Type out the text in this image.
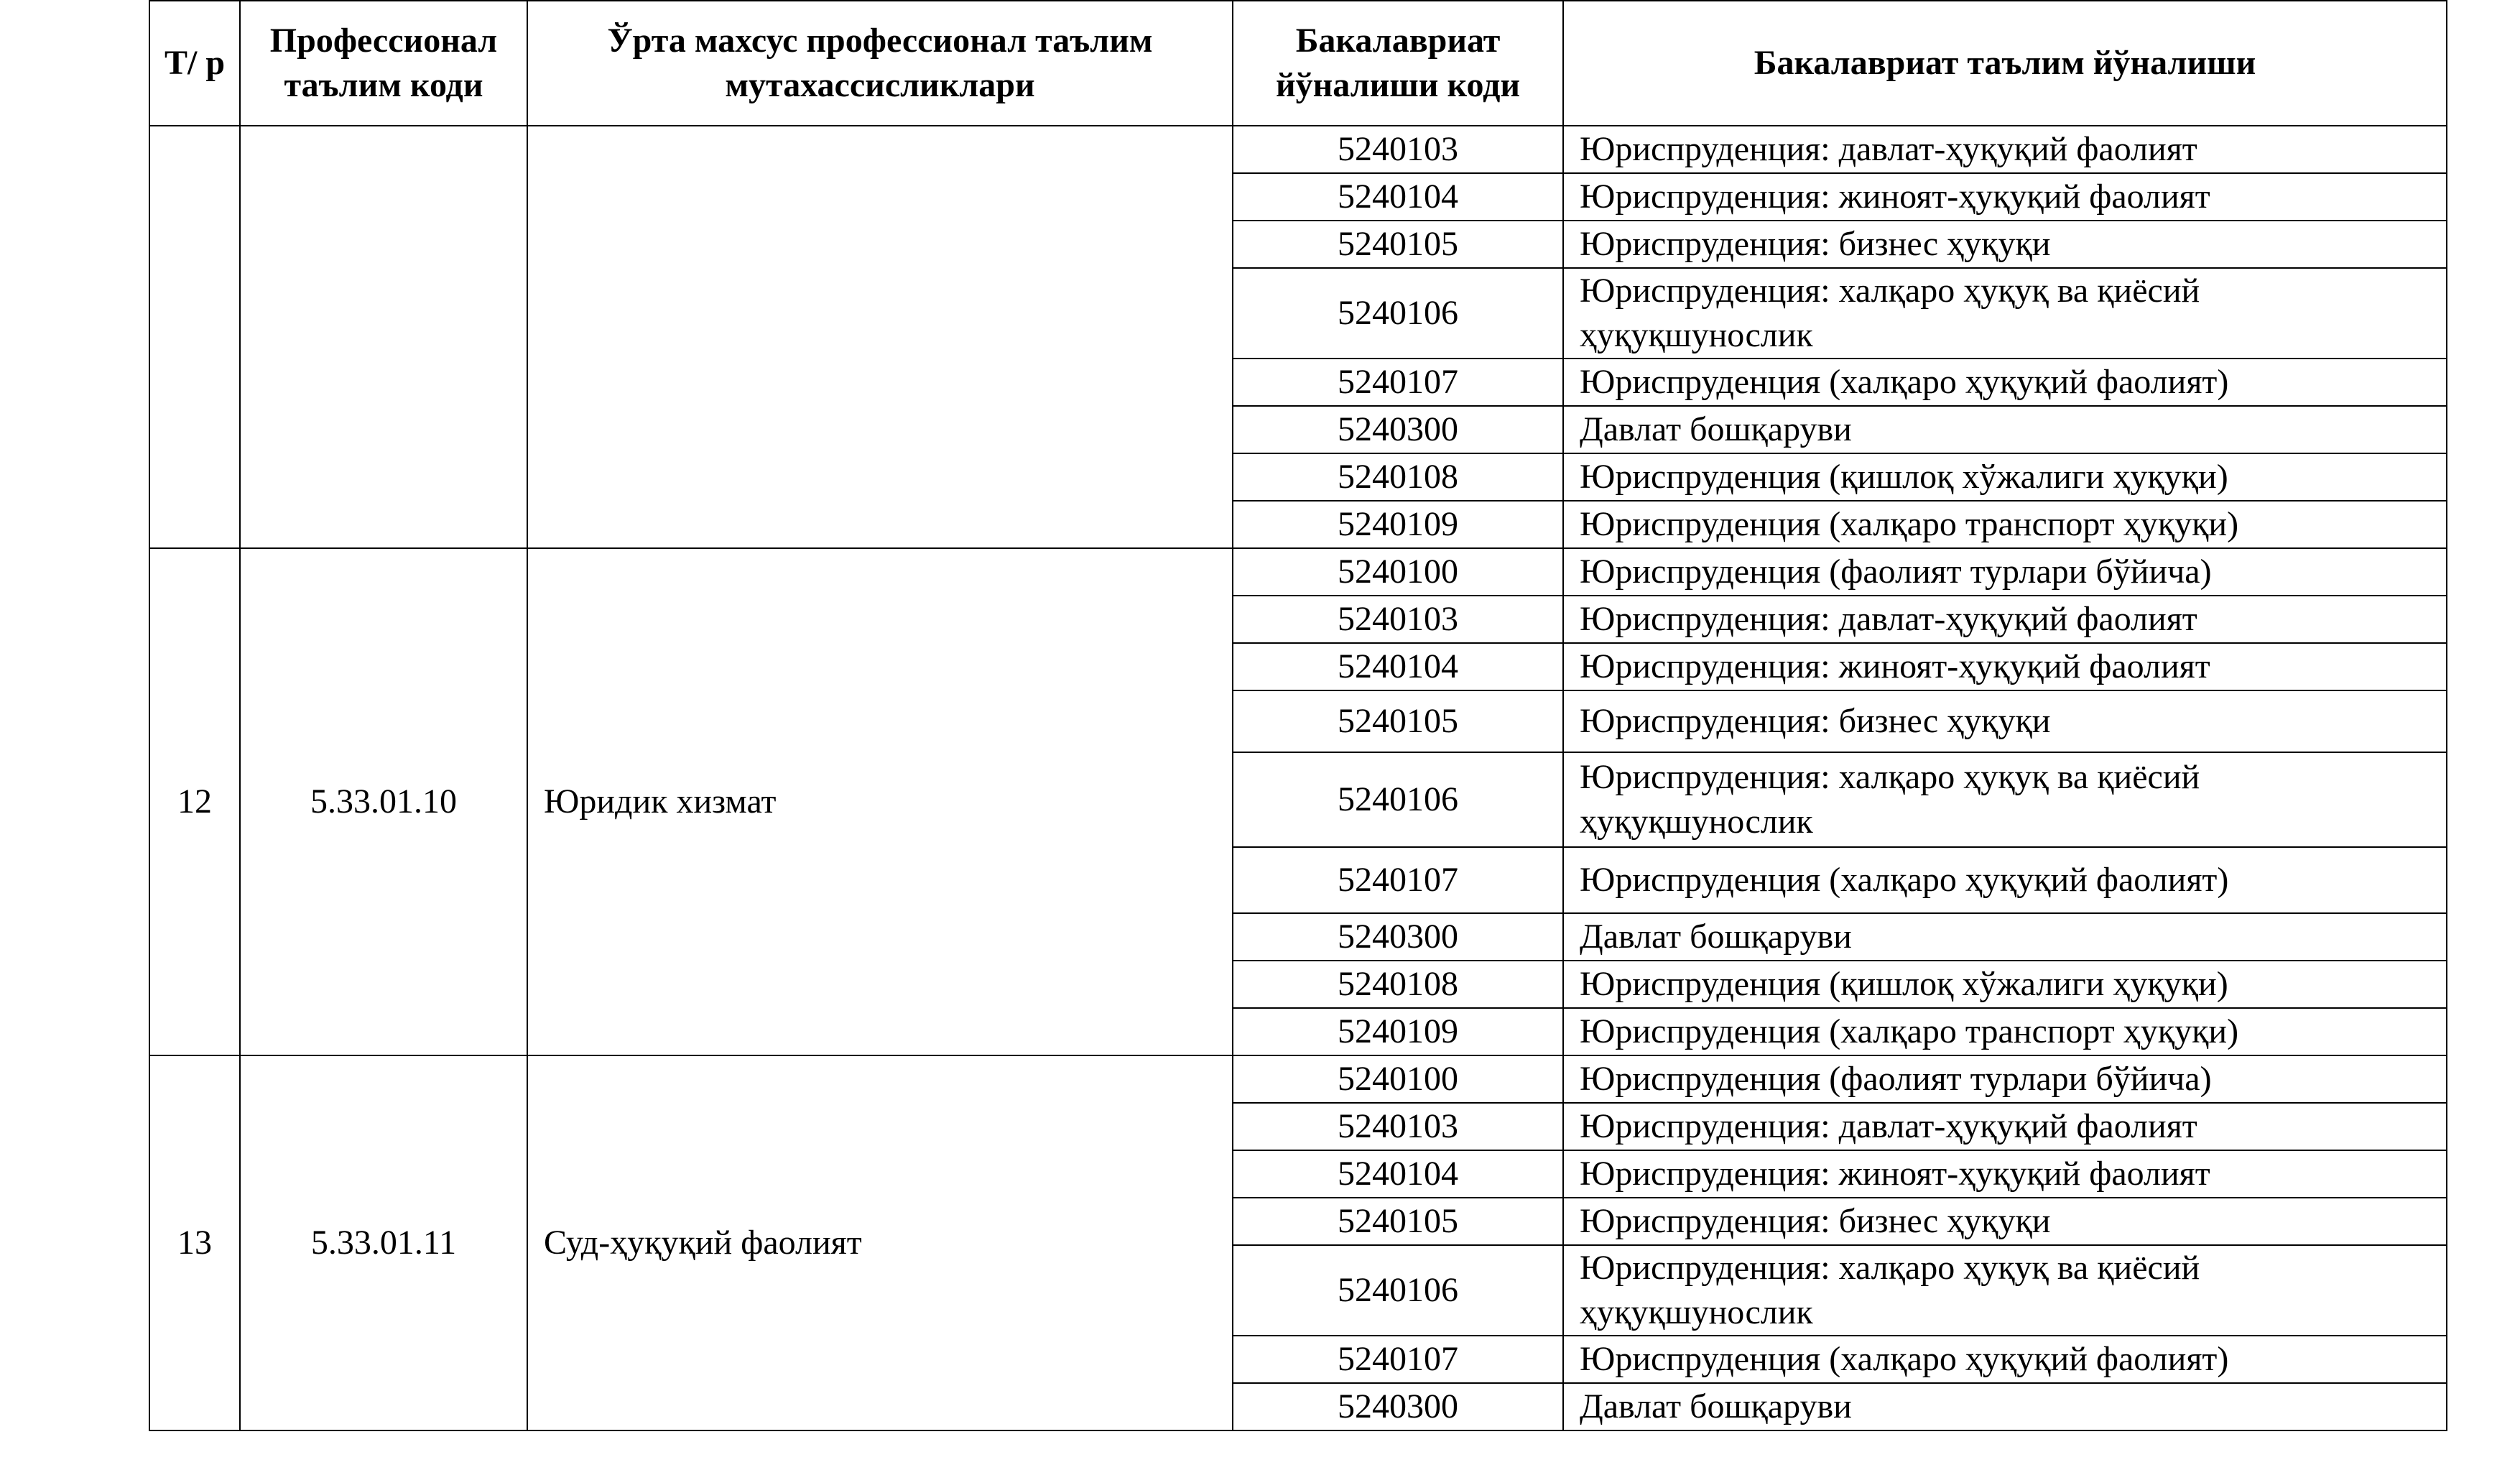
Т/ р	Профессионал таълим коди	Ўрта махсус профессионал таълим мутахассисликлари	Бакалавриат йўналиши коди	Бакалавриат таълим йўналиши
			5240103	Юриспруденция: давлат-ҳуқуқий фаолият
			5240104	Юриспруденция: жиноят-ҳуқуқий фаолият
			5240105	Юриспруденция: бизнес ҳуқуқи
			5240106	Юриспруденция: халқаро ҳуқуқ ва қиёсий ҳуқуқшунослик
			5240107	Юриспруденция (халқаро ҳуқуқий фаолият)
			5240300	Давлат бошқаруви
			5240108	Юриспруденция (қишлоқ хўжалиги ҳуқуқи)
			5240109	Юриспруденция (халқаро транспорт ҳуқуқи)
12	5.33.01.10	Юридик хизмат	5240100	Юриспруденция (фаолият турлари бўйича)
			5240103	Юриспруденция: давлат-ҳуқуқий фаолият
			5240104	Юриспруденция: жиноят-ҳуқуқий фаолият
			5240105	Юриспруденция: бизнес ҳуқуқи
			5240106	Юриспруденция: халқаро ҳуқуқ ва қиёсий ҳуқуқшунослик
			5240107	Юриспруденция (халқаро ҳуқуқий фаолият)
			5240300	Давлат бошқаруви
			5240108	Юриспруденция (қишлоқ хўжалиги ҳуқуқи)
			5240109	Юриспруденция (халқаро транспорт ҳуқуқи)
13	5.33.01.11	Суд-ҳуқуқий фаолият	5240100	Юриспруденция (фаолият турлари бўйича)
			5240103	Юриспруденция: давлат-ҳуқуқий фаолият
			5240104	Юриспруденция: жиноят-ҳуқуқий фаолият
			5240105	Юриспруденция: бизнес ҳуқуқи
			5240106	Юриспруденция: халқаро ҳуқуқ ва қиёсий ҳуқуқшунослик
			5240107	Юриспруденция (халқаро ҳуқуқий фаолият)
			5240300	Давлат бошқаруви
